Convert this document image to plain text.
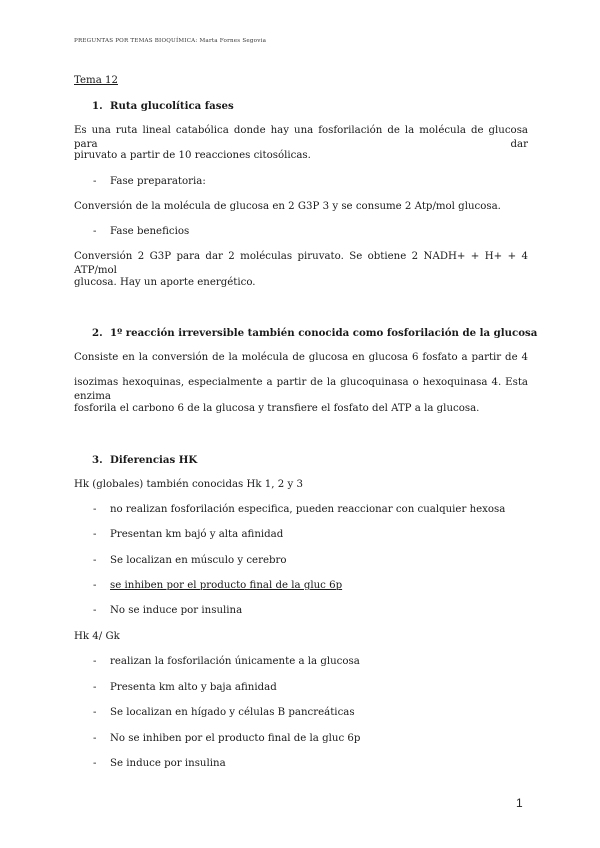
PREGUNTAS POR TEMAS BIOQUÍMICA: Marta Fornes Segovia
Tema 12
1. Ruta glucolítica fases
Es una ruta lineal catabólica donde hay una fosforilación de la molécula de glucosa para dar
piruvato a partir de 10 reacciones citosólicas.
- Fase preparatoria:
Conversión de la molécula de glucosa en 2 G3P 3 y se consume 2 Atp/mol glucosa.
- Fase beneficios
Conversión 2 G3P para dar 2 moléculas piruvato. Se obtiene 2 NADH+ + H+ + 4 ATP/mol
glucosa. Hay un aporte energético.
2. 1º reacción irreversible también conocida como fosforilación de la glucosa
Consiste en la conversión de la molécula de glucosa en glucosa 6 fosfato a partir de 4
isozimas hexoquinas, especialmente a partir de la glucoquinasa o hexoquinasa 4. Esta enzima
fosforila el carbono 6 de la glucosa y transfiere el fosfato del ATP a la glucosa.
3. Diferencias HK
Hk (globales) también conocidas Hk 1, 2 y 3
- no realizan fosforilación especifica, pueden reaccionar con cualquier hexosa
- Presentan km bajó y alta afinidad
- Se localizan en músculo y cerebro
- se inhiben por el producto final de la gluc 6p
- No se induce por insulina
Hk 4/ Gk
- realizan la fosforilación únicamente a la glucosa
- Presenta km alto y baja afinidad
- Se localizan en hígado y células B pancreáticas
- No se inhiben por el producto final de la gluc 6p
- Se induce por insulina
1
